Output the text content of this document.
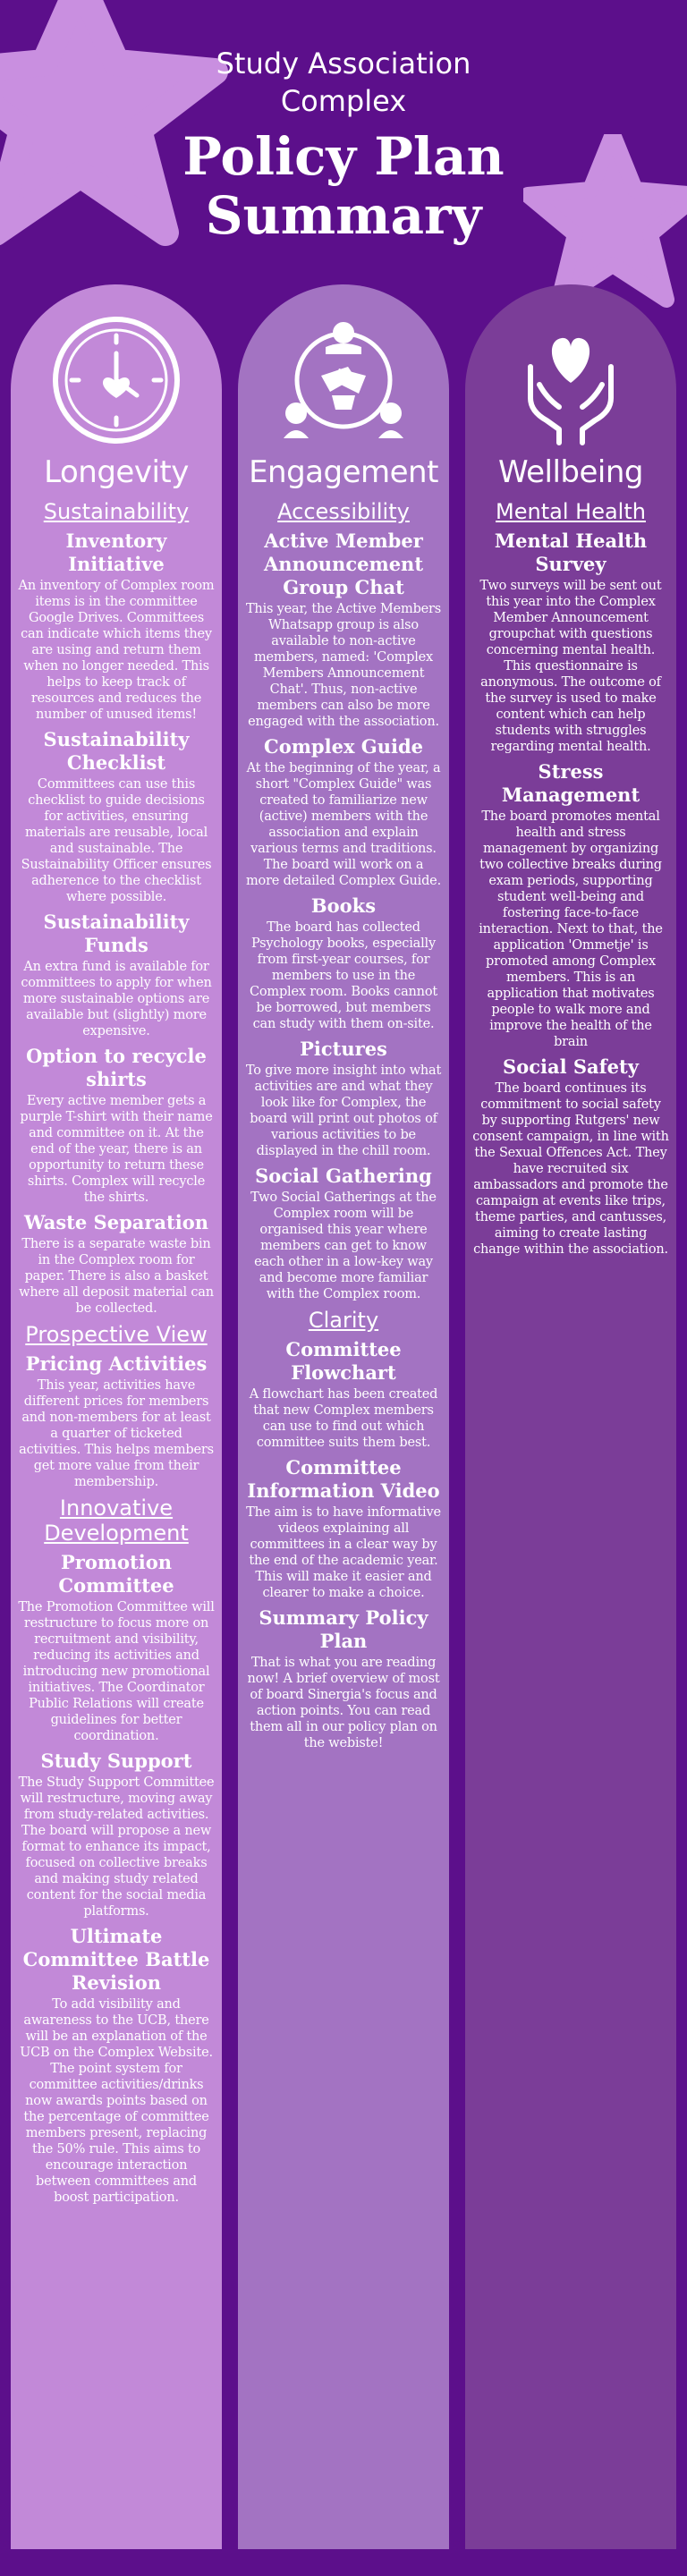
Study Association Complex
Policy Plan Summary
Longevity
Sustainability
Inventory Initiative
An inventory of Complex room items is in the committee Google Drives. Committees can indicate which items they are using and return them when no longer needed. This helps to keep track of resources and reduces the number of unused items!
Sustainability Checklist
Committees can use this checklist to guide decisions for activities, ensuring materials are reusable, local and sustainable. The Sustainability Officer ensures adherence to the checklist where possible.
Sustainability Funds
An extra fund is available for committees to apply for when more sustainable options are available but (slightly) more expensive.
Option to recycle shirts
Every active member gets a purple T-shirt with their name and committee on it. At the end of the year, there is an opportunity to return these shirts. Complex will recycle the shirts.
Waste Separation
There is a separate waste bin in the Complex room for paper. There is also a basket where all deposit material can be collected.
Prospective View
Pricing Activities
This year, activities have different prices for members and non-members for at least a quarter of ticketed activities. This helps members get more value from their membership.
Innovative Development
Promotion Committee
The Promotion Committee will restructure to focus more on recruitment and visibility, reducing its activities and introducing new promotional initiatives. The Coordinator Public Relations will create guidelines for better coordination.
Study Support
The Study Support Committee will restructure, moving away from study-related activities. The board will propose a new format to enhance its impact, focused on collective breaks and making study related content for the social media platforms.
Ultimate Committee Battle Revision
To add visibility and awareness to the UCB, there will be an explanation of the UCB on the Complex Website. The point system for committee activities/drinks now awards points based on the percentage of committee members present, replacing the 50% rule. This aims to encourage interaction between committees and boost participation.
Engagement
Accessibility
Active Member Announcement Group Chat
This year, the Active Members Whatsapp group is also available to non-active members, named: 'Complex Members Announcement Chat'. Thus, non-active members can also be more engaged with the association.
Complex Guide
At the beginning of the year, a short "Complex Guide" was created to familiarize new (active) members with the association and explain various terms and traditions. The board will work on a more detailed Complex Guide.
Books
The board has collected Psychology books, especially from first-year courses, for members to use in the Complex room. Books cannot be borrowed, but members can study with them on-site.
Pictures
To give more insight into what activities are and what they look like for Complex, the board will print out photos of various activities to be displayed in the chill room.
Social Gathering
Two Social Gatherings at the Complex room will be organised this year where members can get to know each other in a low-key way and become more familiar with the Complex room.
Clarity
Committee Flowchart
A flowchart has been created that new Complex members can use to find out which committee suits them best.
Committee Information Video
The aim is to have informative videos explaining all committees in a clear way by the end of the academic year. This will make it easier and clearer to make a choice.
Summary Policy Plan
That is what you are reading now! A brief overview of most of board Sinergia's focus and action points. You can read them all in our policy plan on the webiste!
Wellbeing
Mental Health
Mental Health Survey
Two surveys will be sent out this year into the Complex Member Announcement groupchat with questions concerning mental health. This questionnaire is anonymous. The outcome of the survey is used to make content which can help students with struggles regarding mental health.
Stress Management
The board promotes mental health and stress management by organizing two collective breaks during exam periods, supporting student well-being and fostering face-to-face interaction. Next to that, the application 'Ommetje' is promoted among Complex members. This is an application that motivates people to walk more and improve the health of the brain
Social Safety
The board continues its commitment to social safety by supporting Rutgers' new consent campaign, in line with the Sexual Offences Act. They have recruited six ambassadors and promote the campaign at events like trips, theme parties, and cantusses, aiming to create lasting change within the association.
